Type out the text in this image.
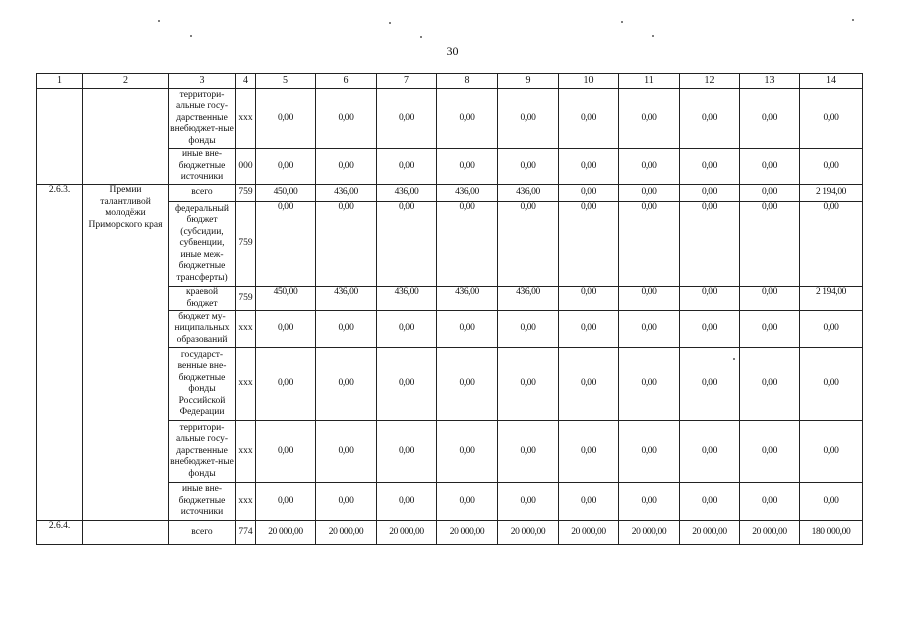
30
1	2	3	4	5	6	7	8	9	10	11	12	13	14
		территори-альные госу-дарственные внебюджет-ные фонды	xxx	0,00	0,00	0,00	0,00	0,00	0,00	0,00	0,00	0,00	0,00
		иные вне-бюджетные источники	000	0,00	0,00	0,00	0,00	0,00	0,00	0,00	0,00	0,00	0,00
2.6.3.	Премии талантливой молодёжи Приморского края	всего	759	450,00	436,00	436,00	436,00	436,00	0,00	0,00	0,00	0,00	2 194,00
		федеральный бюджет (субсидии, субвенции, иные меж-бюджетные трансферты)	759	0,00	0,00	0,00	0,00	0,00	0,00	0,00	0,00	0,00	0,00
		краевой бюджет	759	450,00	436,00	436,00	436,00	436,00	0,00	0,00	0,00	0,00	2 194,00
		бюджет му-ниципальных образований	xxx	0,00	0,00	0,00	0,00	0,00	0,00	0,00	0,00	0,00	0,00
		государст-венные вне-бюджетные фонды Российской Федерации	xxx	0,00	0,00	0,00	0,00	0,00	0,00	0,00	0,00	0,00	0,00
		территори-альные госу-дарственные внебюджет-ные фонды	xxx	0,00	0,00	0,00	0,00	0,00	0,00	0,00	0,00	0,00	0,00
		иные вне-бюджетные источники	xxx	0,00	0,00	0,00	0,00	0,00	0,00	0,00	0,00	0,00	0,00
2.6.4.		всего	774	20 000,00	20 000,00	20 000,00	20 000,00	20 000,00	20 000,00	20 000,00	20 000,00	20 000,00	180 000,00
